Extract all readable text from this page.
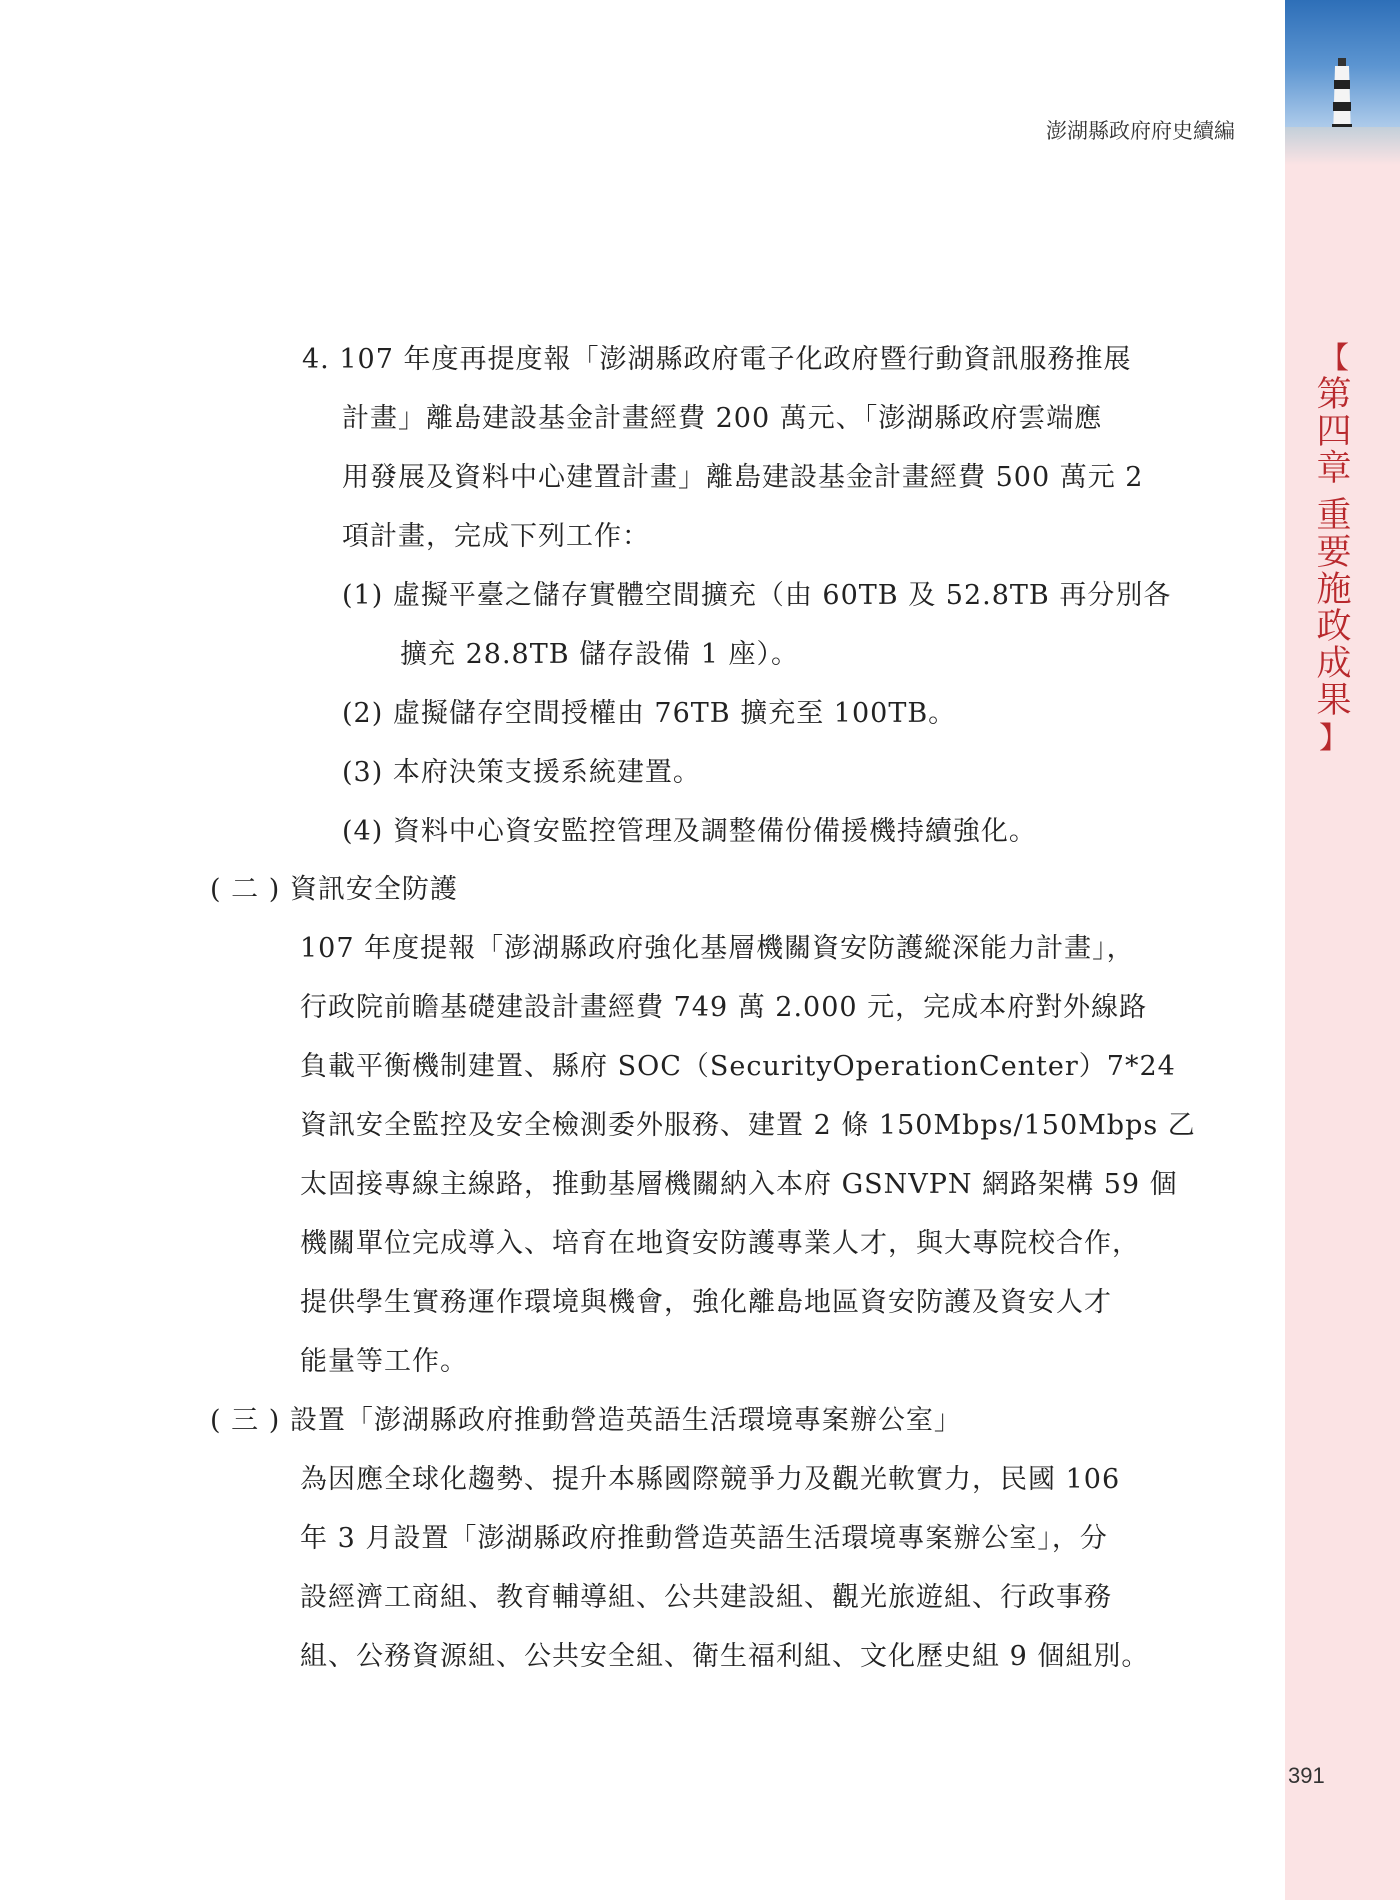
【
第
四
章
重
要
施
政
成
果
】
澎湖縣政府府史續編
4. 107 年度再提度報「澎湖縣政府電子化政府暨行動資訊服務推展
計畫」離島建設基金計畫經費 200 萬元、「澎湖縣政府雲端應
用發展及資料中心建置計畫」離島建設基金計畫經費 500 萬元 2
項計畫，完成下列工作：
(1) 虛擬平臺之儲存實體空間擴充（由 60TB 及 52.8TB 再分別各
擴充 28.8TB 儲存設備 1 座）。
(2) 虛擬儲存空間授權由 76TB 擴充至 100TB。
(3) 本府決策支援系統建置。
(4) 資料中心資安監控管理及調整備份備援機持續強化。
( 二 ) 資訊安全防護
107 年度提報「澎湖縣政府強化基層機關資安防護縱深能力計畫」，
行政院前瞻基礎建設計畫經費 749 萬 2.000 元，完成本府對外線路
負載平衡機制建置、縣府 SOC（SecurityOperationCenter）7*24
資訊安全監控及安全檢測委外服務、建置 2 條 150Mbps/150Mbps 乙
太固接專線主線路，推動基層機關納入本府 GSNVPN 網路架構 59 個
機關單位完成導入、培育在地資安防護專業人才，與大專院校合作，
提供學生實務運作環境與機會，強化離島地區資安防護及資安人才
能量等工作。
( 三 ) 設置「澎湖縣政府推動營造英語生活環境專案辦公室」
為因應全球化趨勢、提升本縣國際競爭力及觀光軟實力，民國 106
年 3 月設置「澎湖縣政府推動營造英語生活環境專案辦公室」，分
設經濟工商組、教育輔導組、公共建設組、觀光旅遊組、行政事務
組、公務資源組、公共安全組、衛生福利組、文化歷史組 9 個組別。
391
